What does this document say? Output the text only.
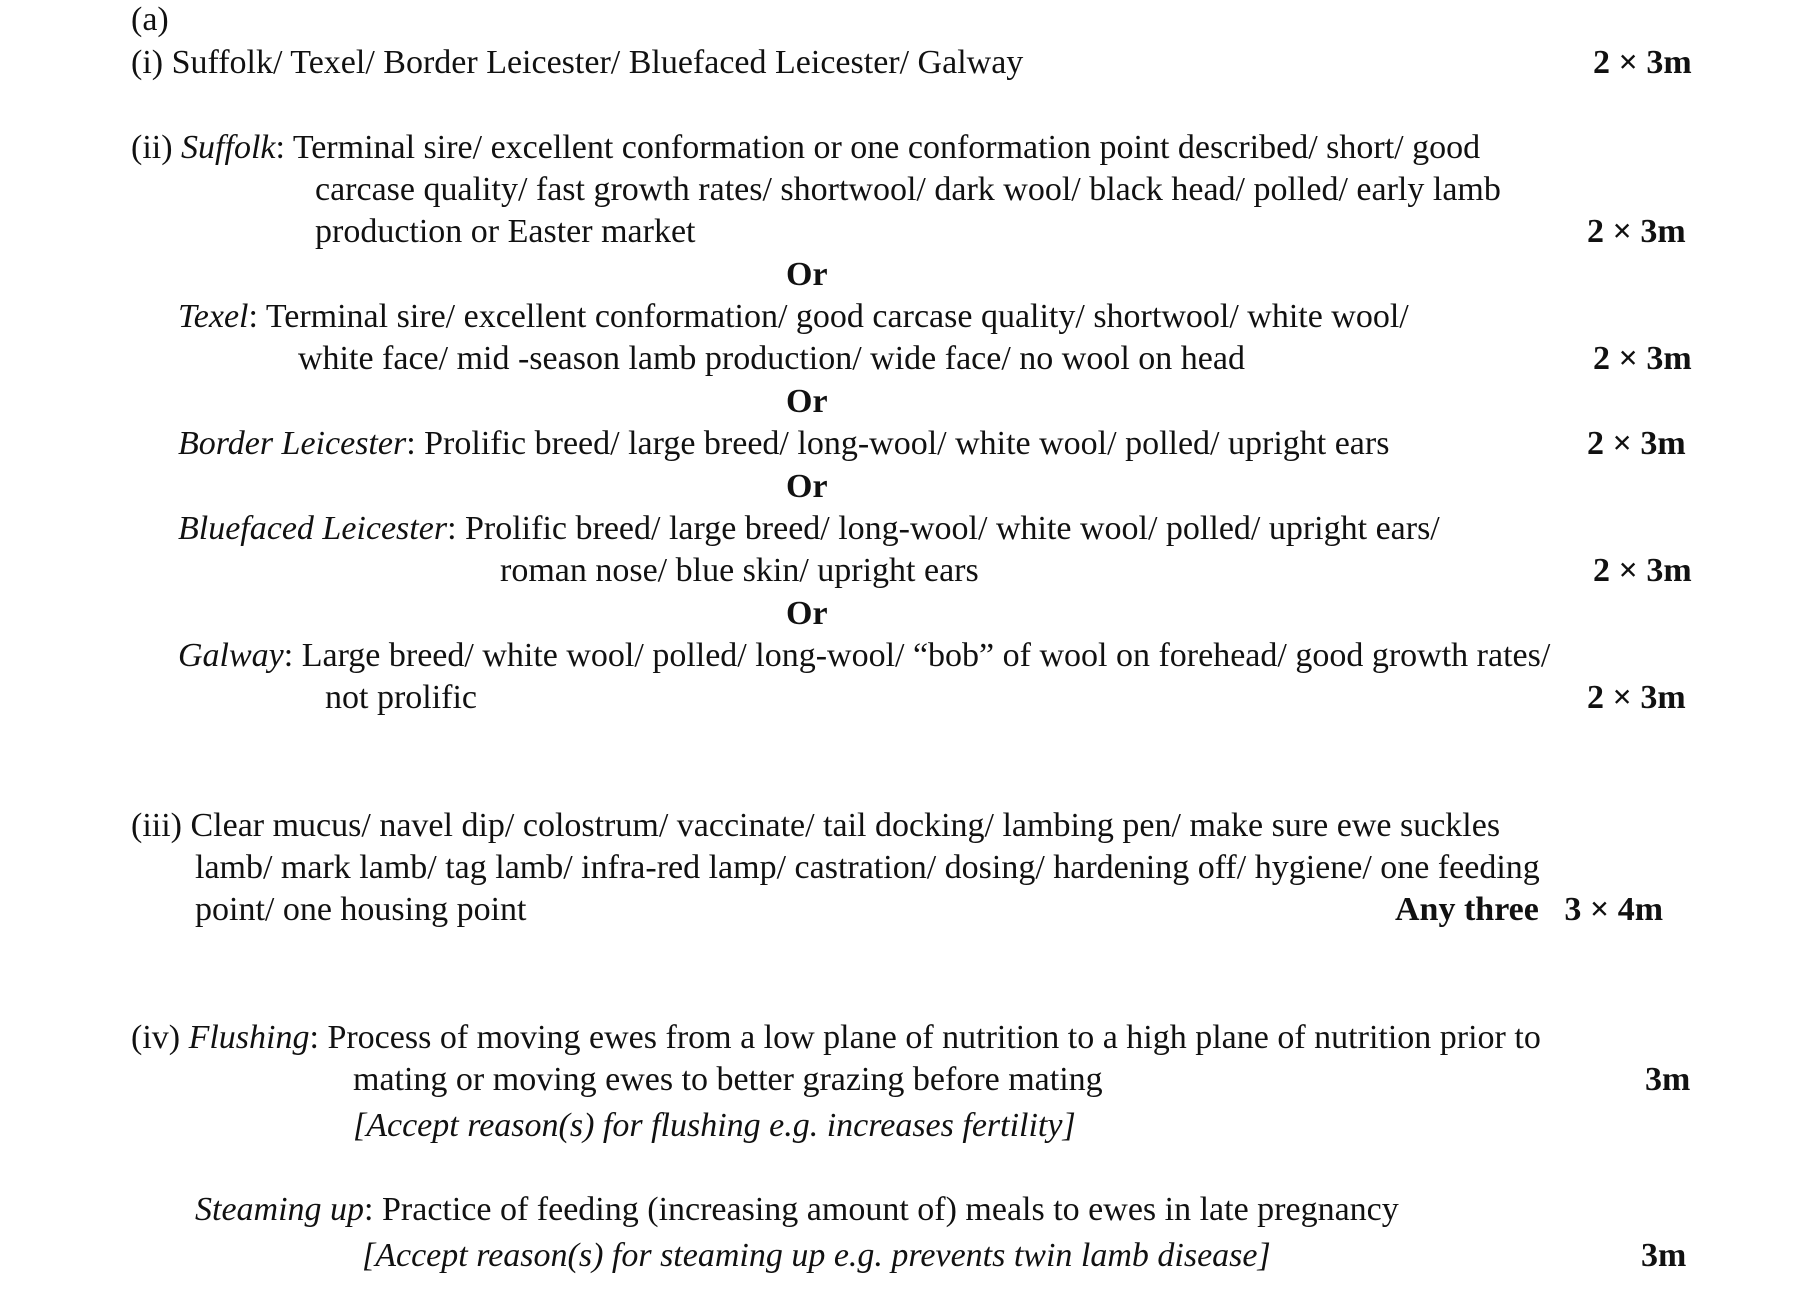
(a)
(i) Suffolk/ Texel/ Border Leicester/ Bluefaced Leicester/ Galway	2 × 3m
(ii) Suffolk: Terminal sire/ excellent conformation or one conformation point described/ short/ good
carcase quality/ fast growth rates/ shortwool/ dark wool/ black head/ polled/ early lamb
production or Easter market	2 × 3m
Or
Texel: Terminal sire/ excellent conformation/ good carcase quality/ shortwool/ white wool/
white face/ mid -season lamb production/ wide face/ no wool on head	2 × 3m
Or
Border Leicester: Prolific breed/ large breed/ long-wool/ white wool/ polled/ upright ears	2 × 3m
Or
Bluefaced Leicester: Prolific breed/ large breed/ long-wool/ white wool/ polled/ upright ears/
roman nose/ blue skin/ upright ears	2 × 3m
Or
Galway: Large breed/ white wool/ polled/ long-wool/ “bob” of wool on forehead/ good growth rates/
not prolific	2 × 3m
(iii) Clear mucus/ navel dip/ colostrum/ vaccinate/ tail docking/ lambing pen/ make sure ewe suckles
lamb/ mark lamb/ tag lamb/ infra-red lamp/ castration/ dosing/ hardening off/ hygiene/ one feeding
point/ one housing point	Any three   3 × 4m
(iv) Flushing: Process of moving ewes from a low plane of nutrition to a high plane of nutrition prior to
mating or moving ewes to better grazing before mating	3m
[Accept reason(s) for flushing e.g. increases fertility]
Steaming up: Practice of feeding (increasing amount of) meals to ewes in late pregnancy
[Accept reason(s) for steaming up e.g. prevents twin lamb disease]	3m
